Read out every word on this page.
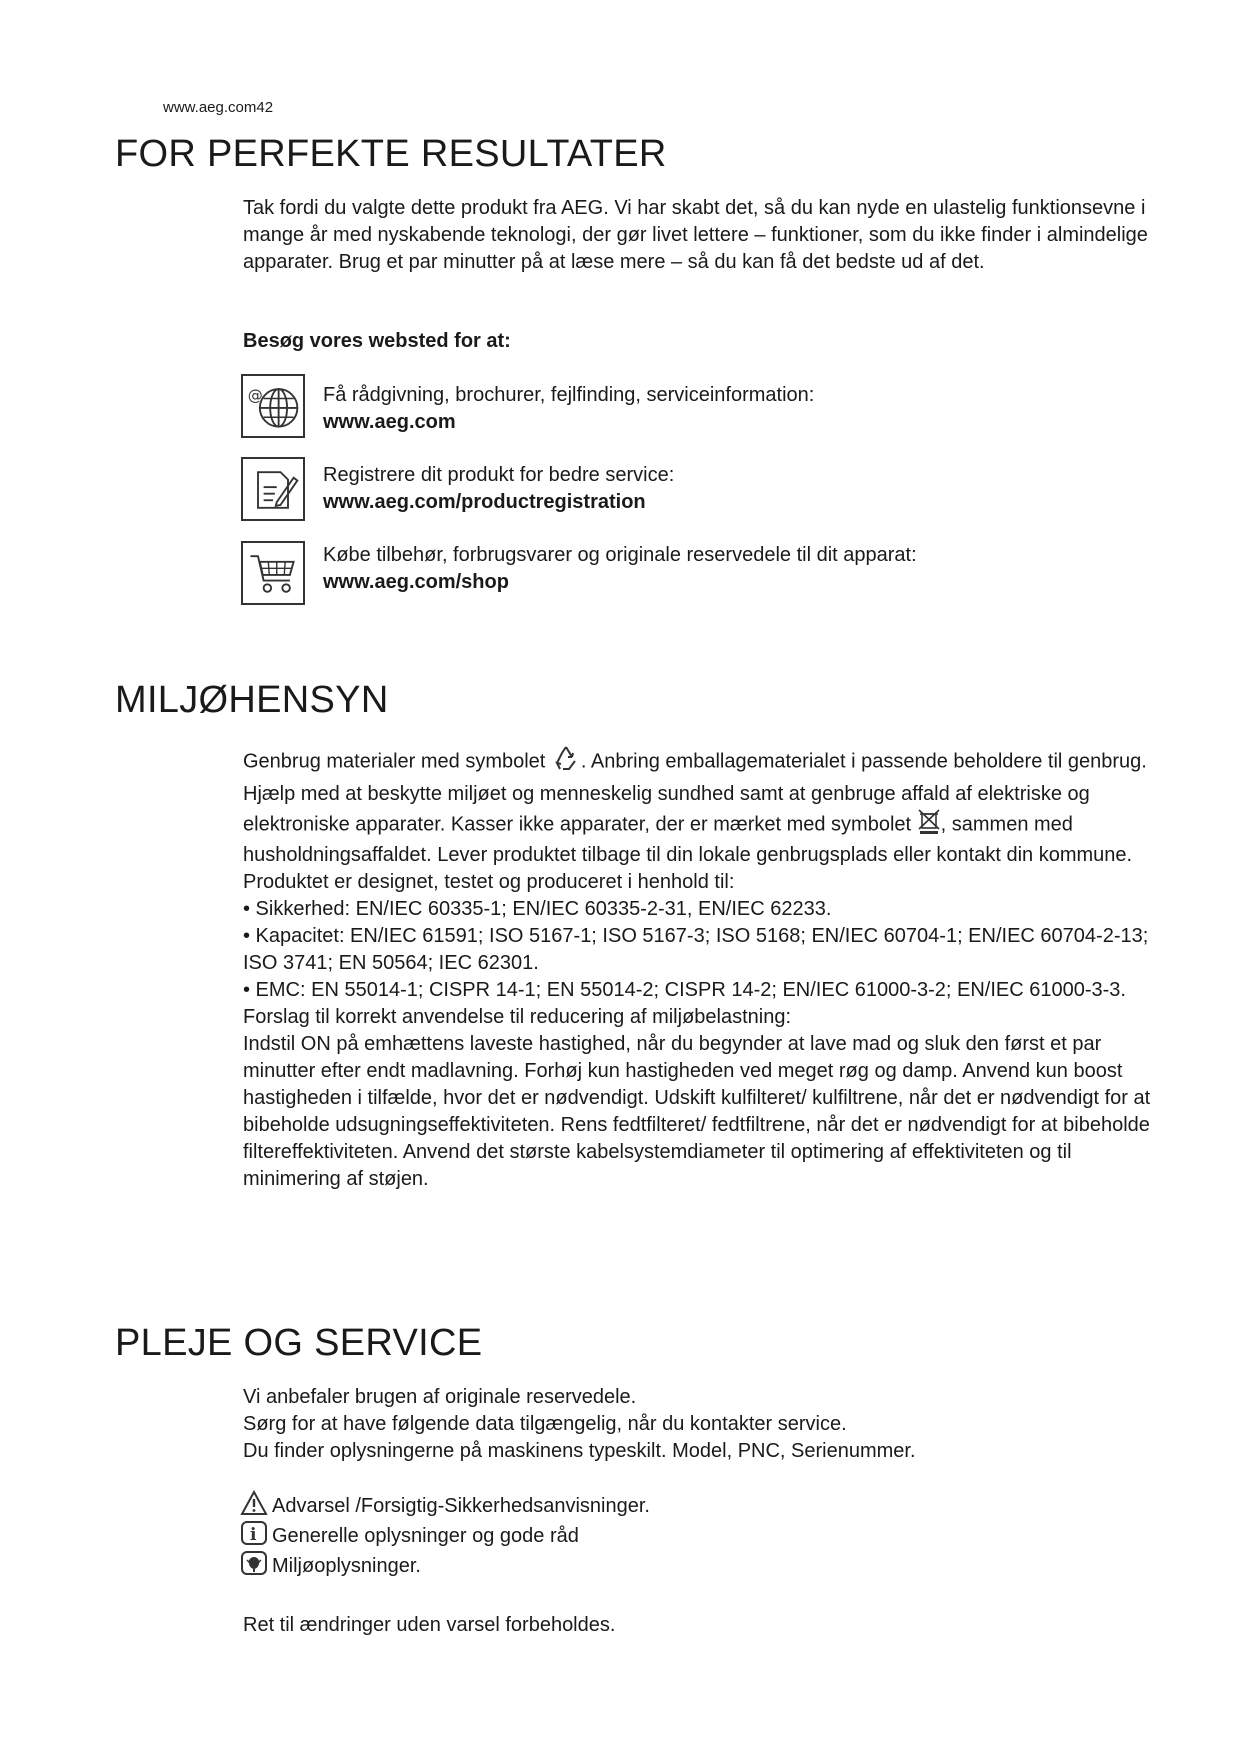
www.aeg.com42
FOR PERFEKTE RESULTATER

Tak fordi du valgte dette produkt fra AEG. Vi har skabt det, så du kan nyde en ulastelig funktionsevne i mange år med nyskabende teknologi, der gør livet lettere – funktioner, som du ikke finder i almindelige apparater. Brug et par minutter på at læse mere – så du kan få det bedste ud af det.

Besøg vores websted for at:

@	Få rådgivning, brochurer, fejlfinding, serviceinformation:
www.aeg.com
Registrere dit produkt for bedre service:
www.aeg.com/productregistration
Købe tilbehør, forbrugsvarer og originale reservedele til dit apparat:
www.aeg.com/shop
MILJØHENSYN

Genbrug materialer med symbolet . Anbring emballagematerialet i passende beholdere til genbrug.

Hjælp med at beskytte miljøet og menneskelig sundhed samt at genbruge affald af elektriske og elektroniske apparater. Kasser ikke apparater, der er mærket med symbolet , sammen med husholdningsaffaldet. Lever produktet tilbage til din lokale genbrugsplads eller kontakt din kommune.

Produktet er designet, testet og produceret i henhold til:

• Sikkerhed: EN/IEC 60335-1; EN/IEC 60335-2-31, EN/IEC 62233.

• Kapacitet: EN/IEC 61591; ISO 5167-1; ISO 5167-3; ISO 5168; EN/IEC 60704-1; EN/IEC 60704-2-13; ISO 3741; EN 50564; IEC 62301.

• EMC: EN 55014-1; CISPR 14-1; EN 55014-2; CISPR 14-2; EN/IEC 61000-3-2; EN/IEC 61000-3-3.

Forslag til korrekt anvendelse til reducering af miljøbelastning:

Indstil ON på emhættens laveste hastighed, når du begynder at lave mad og sluk den først et par minutter efter endt madlavning. Forhøj kun hastigheden ved meget røg og damp. Anvend kun boost hastigheden i tilfælde, hvor det er nødvendigt. Udskift kulfilteret/ kulfiltrene, når det er nødvendigt for at bibeholde udsugningseffektiviteten. Rens fedtfilteret/ fedtfiltrene, når det er nødvendigt for at bibeholde filtereffektiviteten. Anvend det største kabelsystemdiameter til optimering af effektiviteten og til minimering af støjen.

PLEJE OG SERVICE

Vi anbefaler brugen af originale reservedele.

Sørg for at have følgende data tilgængelig, når du kontakter service.

Du finder oplysningerne på maskinens typeskilt. Model, PNC, Serienummer.

Advarsel /Forsigtig-Sikkerhedsanvisninger.

i Generelle oplysninger og gode råd

Miljøoplysninger.

Ret til ændringer uden varsel forbeholdes.
